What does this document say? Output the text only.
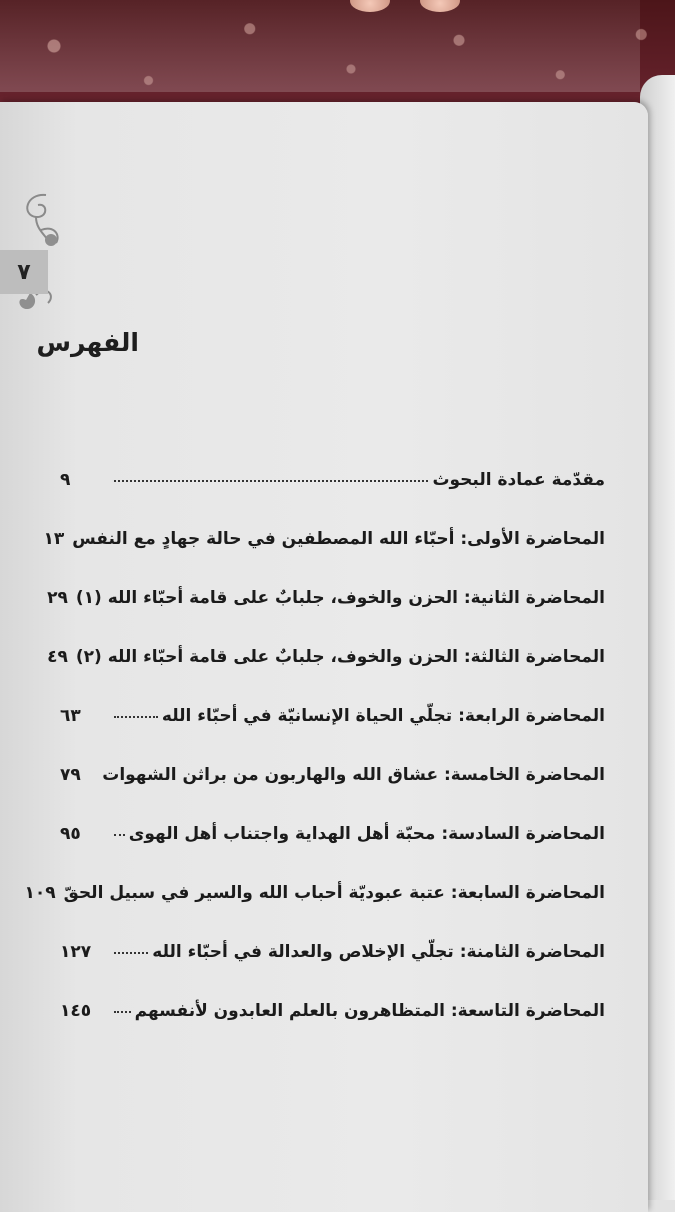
٧
الفهرس
مقدّمة عمادة البحوث
٩
المحاضرة الأولى: أحبّاء الله المصطفين في حالة جهادٍ مع النفس
١٣
المحاضرة الثانية: الحزن والخوف، جلبابٌ على قامة أحبّاء الله (١)
٢٩
المحاضرة الثالثة: الحزن والخوف، جلبابٌ على قامة أحبّاء الله (٢)
٤٩
المحاضرة الرابعة: تجلّي الحياة الإنسانيّة في أحبّاء الله
٦٣
المحاضرة الخامسة: عشاق الله والهاربون من براثن الشهوات
٧٩
المحاضرة السادسة: محبّة أهل الهداية واجتناب أهل الهوى
٩٥
المحاضرة السابعة: عتبة عبوديّة أحباب الله والسير في سبيل الحقّ
١٠٩
المحاضرة الثامنة: تجلّي الإخلاص والعدالة في أحبّاء الله
١٢٧
المحاضرة التاسعة: المتظاهرون بالعلم العابدون لأنفسهم
١٤٥
